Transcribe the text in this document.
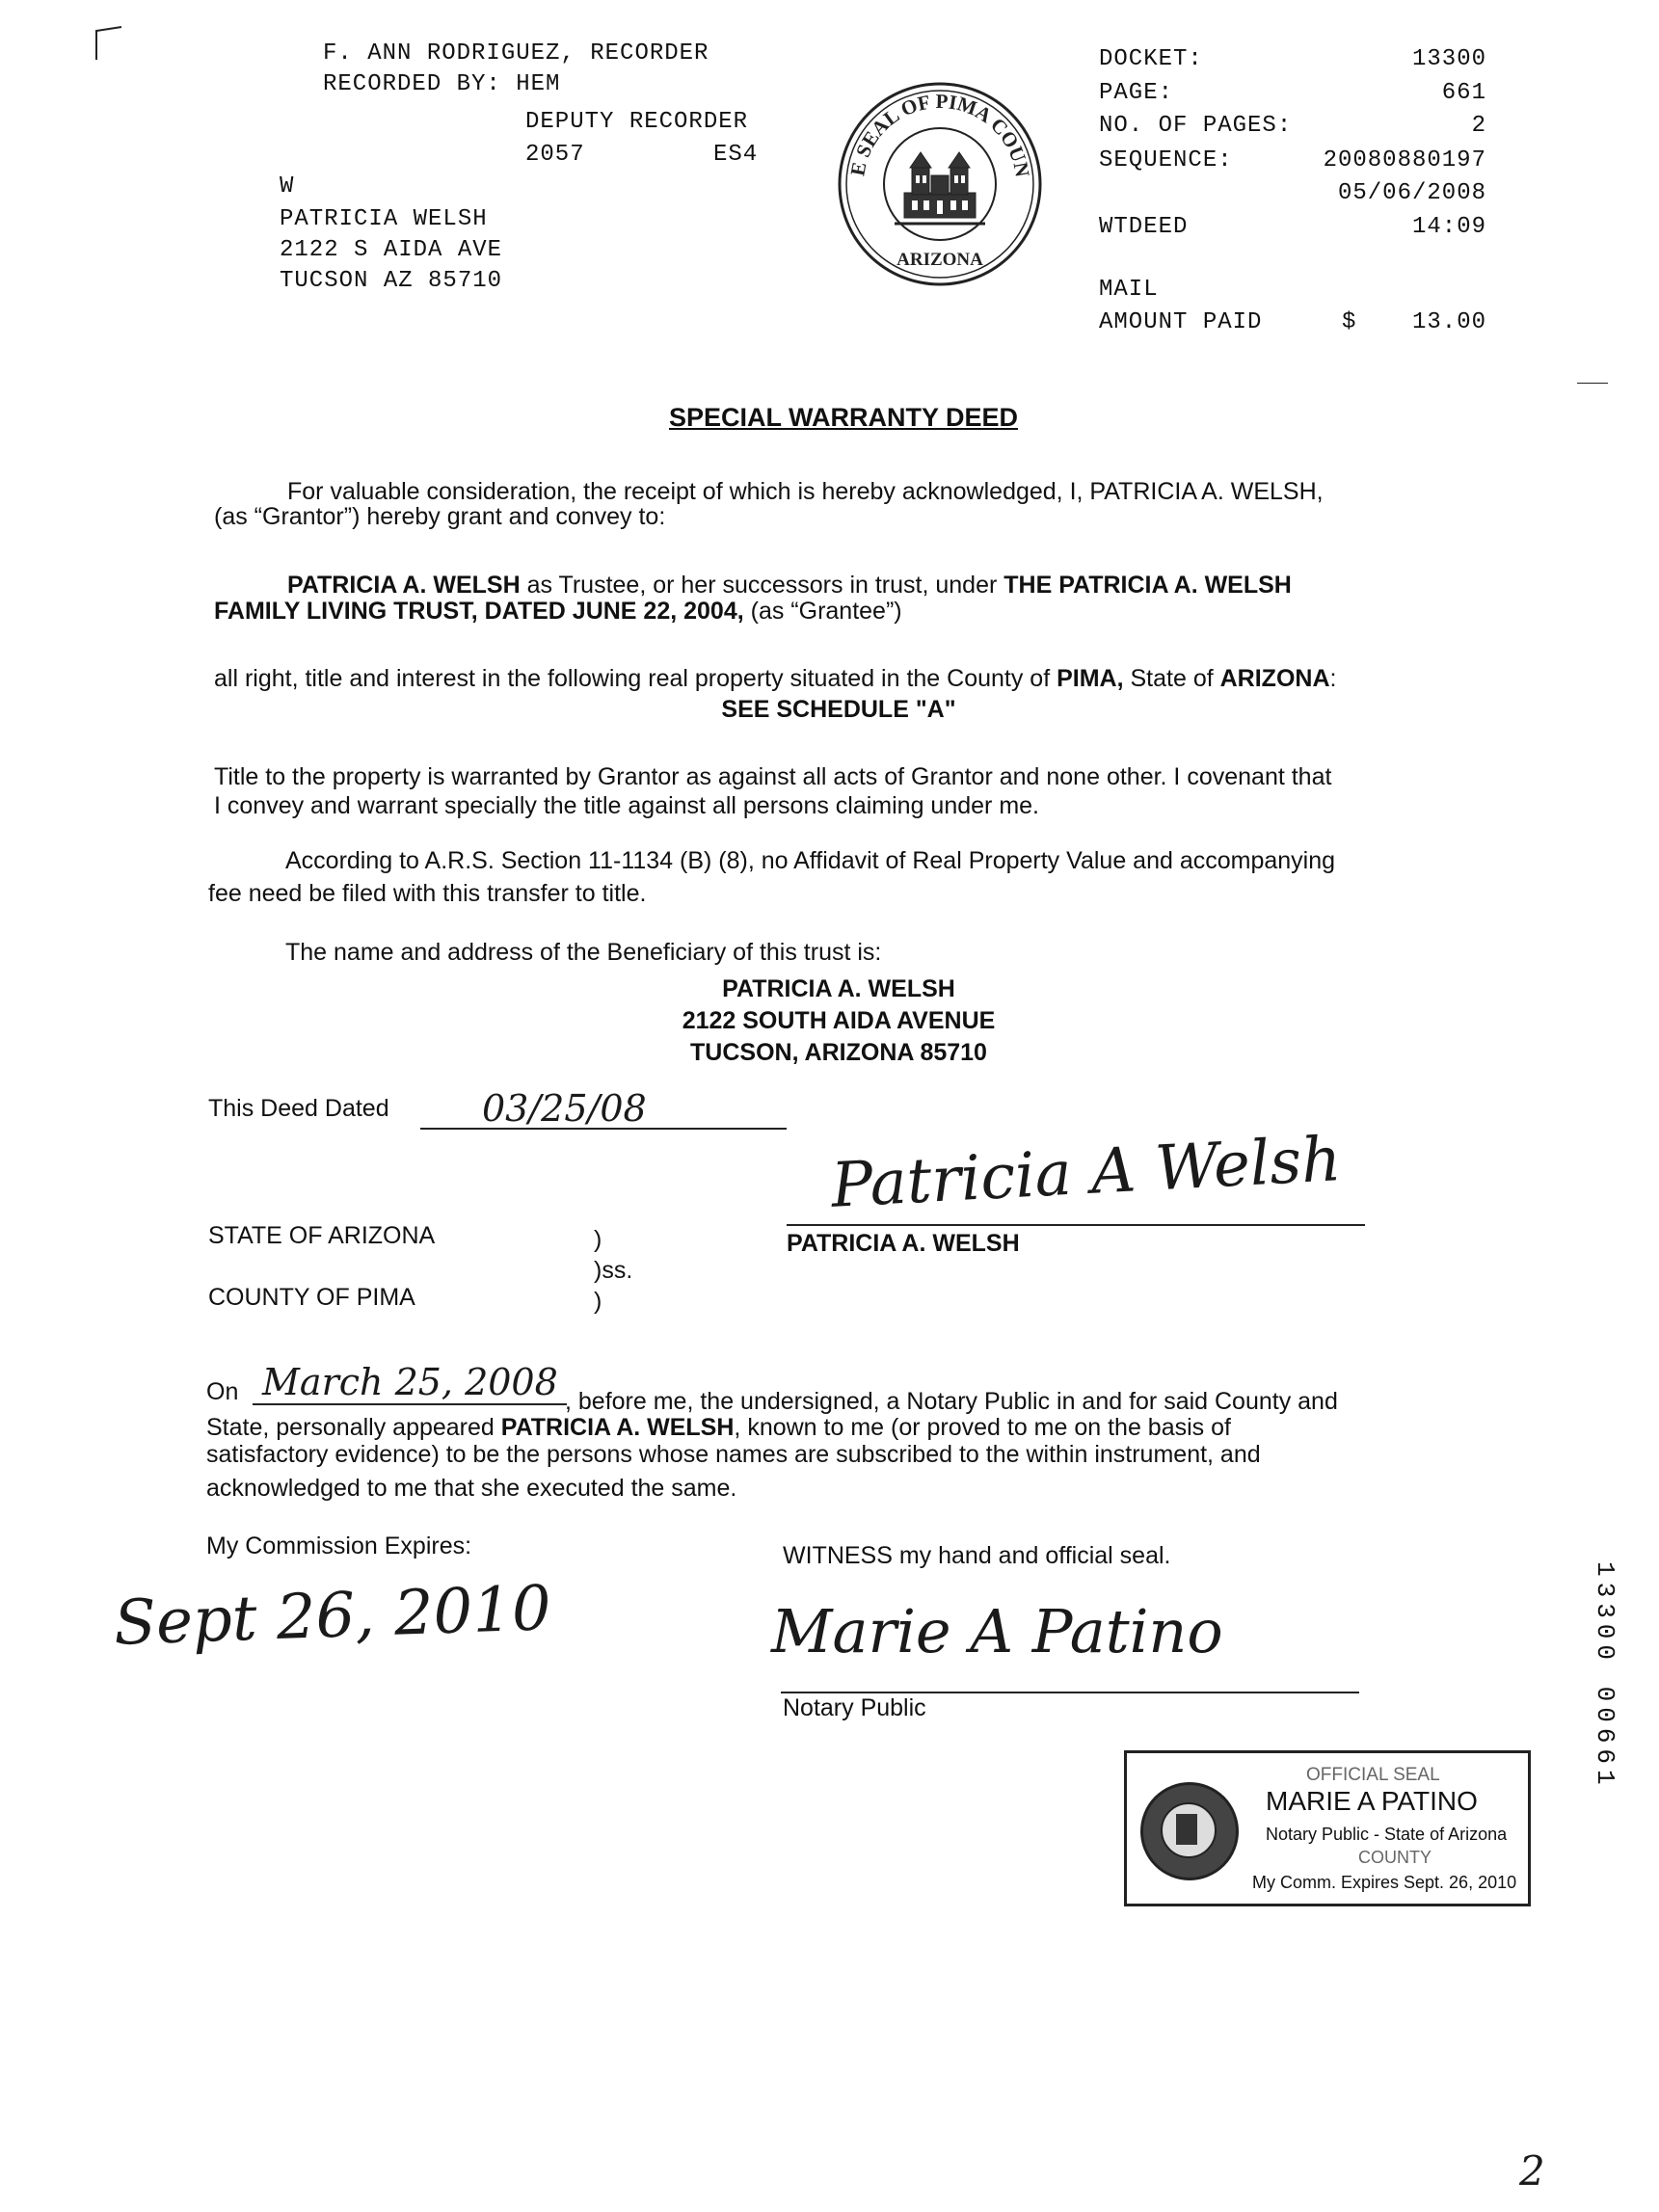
F. ANN RODRIGUEZ, RECORDER
RECORDED BY: HEM
DEPUTY RECORDER
2057	ES4
W
PATRICIA WELSH
2122 S AIDA AVE
TUCSON AZ 85710
E SEAL OF PIMA COUN
ARIZONA
DOCKET:	13300
PAGE:	661
NO. OF PAGES:	2
SEQUENCE:	20080880197
05/06/2008
WTDEED	14:09
MAIL
AMOUNT PAID	$	13.00
SPECIAL WARRANTY DEED
For valuable consideration, the receipt of which is hereby acknowledged, I, PATRICIA A. WELSH,
(as “Grantor”) hereby grant and convey to:
PATRICIA A. WELSH as Trustee, or her successors in trust, under THE PATRICIA A. WELSH
FAMILY LIVING TRUST, DATED JUNE 22, 2004, (as “Grantee”)
all right, title and interest in the following real property situated in the County of PIMA, State of ARIZONA:
SEE SCHEDULE "A"
Title to the property is warranted by Grantor as against all acts of Grantor and none other. I covenant that
I convey and warrant specially the title against all persons claiming under me.
According to A.R.S. Section 11-1134 (B) (8), no Affidavit of Real Property Value and accompanying
fee need be filed with this transfer to title.
The name and address of the Beneficiary of this trust is:
PATRICIA A. WELSH
2122 SOUTH AIDA AVENUE
TUCSON, ARIZONA 85710
This Deed Dated	03/25/08
Patricia A Welsh
PATRICIA A. WELSH
STATE OF ARIZONA
COUNTY OF PIMA
)
)ss.
)
On March 25, 2008 , before me, the undersigned, a Notary Public in and for said County and
State, personally appeared PATRICIA A. WELSH, known to me (or proved to me on the basis of
satisfactory evidence) to be the persons whose names are subscribed to the within instrument, and
acknowledged to me that she executed the same.
My Commission Expires:
Sept 26, 2010
WITNESS my hand and official seal.
Marie A Patino
Notary Public
OFFICIAL SEAL
MARIE A PATINO
Notary Public - State of Arizona
COUNTY
My Comm. Expires Sept. 26, 2010
13300 00661
2
